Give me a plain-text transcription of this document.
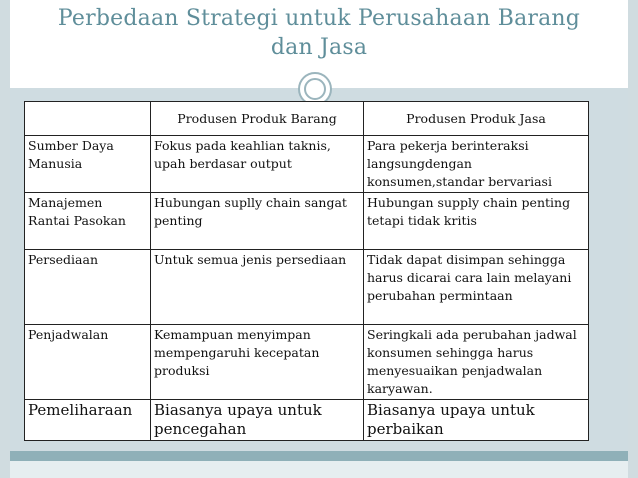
Perbedaan Strategi untuk Perusahaan Barang
dan Jasa
	Produsen Produk Barang	Produsen Produk Jasa
Sumber Daya Manusia	Fokus pada keahlian taknis, upah berdasar output	Para pekerja berinteraksi langsungdengan konsumen,standar bervariasi
Manajemen Rantai Pasokan	Hubungan suplly chain sangat penting	Hubungan supply chain penting tetapi tidak kritis
Persediaan	Untuk semua jenis persediaan	Tidak dapat disimpan sehingga harus dicarai cara lain melayani perubahan permintaan
Penjadwalan	Kemampuan menyimpan mempengaruhi kecepatan produksi	Seringkali ada perubahan jadwal konsumen sehingga harus menyesuaikan penjadwalan karyawan.
Pemeliharaan	Biasanya upaya untuk pencegahan	Biasanya upaya untuk perbaikan
